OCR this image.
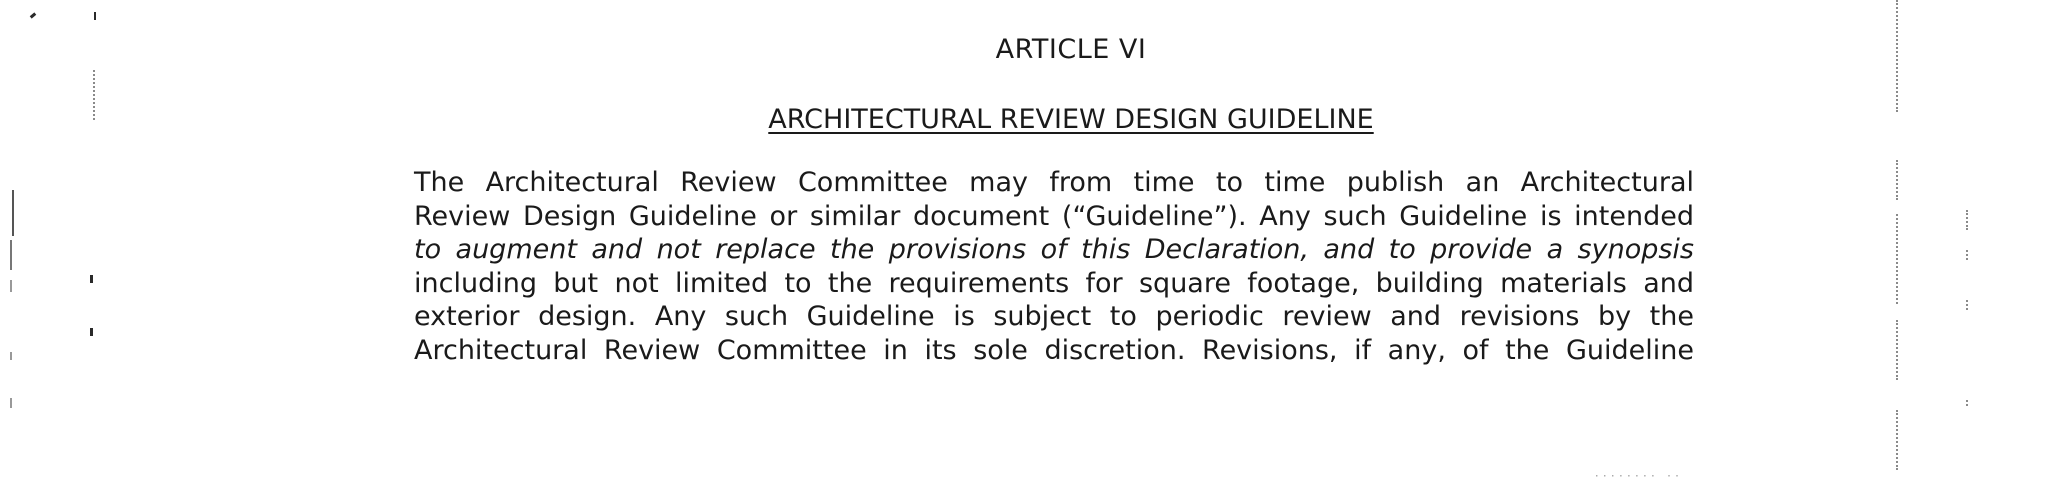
ARTICLE VI
ARCHITECTURAL REVIEW DESIGN GUIDELINE
The Architectural Review Committee may from time to time publish an Architectural
Review Design Guideline or similar document (“Guideline”). Any such Guideline is intended
to augment and not replace the provisions of this Declaration, and to provide a synopsis
including but not limited to the requirements for square footage, building materials and
exterior design. Any such Guideline is subject to periodic review and revisions by the
Architectural Review Committee in its sole discretion. Revisions, if any, of the Guideline
········ ··
